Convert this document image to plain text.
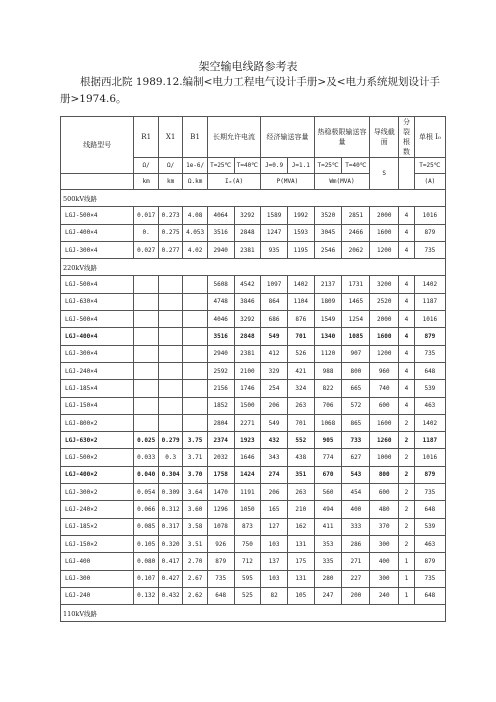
架空输电线路参考表
根据西北院 1989.12.编制<电力工程电气设计手册>及<电力系统规划设计手册>1974.6。
线路型号	R1	X1	B1	长期允许电流		经济输送容量		热稳极限输送容量		导线截面	分裂根数	单根 I₀
	Ω/	Ω/	1e-6/	T=25℃	T=40℃	J=0.9	J=1.1	T=25℃	T=40℃	S		T=25℃
	km	km	Ω.km	Iₑ(A)		P(MVA)		Wm(MVA)				(A)
500kV线路												
LGJ-500×4	0.017	0.273	4.08	4064	3292	1589	1992	3520	2851	2000	4	1016
LGJ-400×4	0.	0.275	4.053	3516	2848	1247	1593	3045	2466	1600	4	879
LGJ-300×4	0.027	0.277	4.02	2940	2381	935	1195	2546	2062	1200	4	735
220kV线路												
LGJ-500×4				5608	4542	1097	1402	2137	1731	3200	4	1402
LGJ-630×4				4748	3846	864	1104	1809	1465	2520	4	1187
LGJ-500×4				4046	3292	686	876	1549	1254	2000	4	1016
LGJ-400×4				3516	2848	549	701	1340	1085	1600	4	879
LGJ-300×4				2940	2381	412	526	1120	907	1200	4	735
LGJ-240×4				2592	2100	329	421	988	800	960	4	648
LGJ-185×4				2156	1746	254	324	822	665	740	4	539
LGJ-150×4				1852	1500	206	263	706	572	600	4	463
LGJ-800×2				2804	2271	549	701	1068	865	1600	2	1402
LGJ-630×2	0.025	0.279	3.75	2374	1923	432	552	905	733	1260	2	1187
LGJ-500×2	0.033	0.3	3.71	2032	1646	343	438	774	627	1000	2	1016
LGJ-400×2	0.040	0.304	3.70	1758	1424	274	351	670	543	800	2	879
LGJ-300×2	0.054	0.309	3.64	1470	1191	206	263	560	454	600	2	735
LGJ-240×2	0.066	0.312	3.60	1296	1050	165	210	494	400	480	2	648
LGJ-185×2	0.085	0.317	3.58	1078	873	127	162	411	333	370	2	539
LGJ-150×2	0.105	0.320	3.51	926	750	103	131	353	286	300	2	463
LGJ-400	0.080	0.417	2.70	879	712	137	175	335	271	400	1	879
LGJ-300	0.107	0.427	2.67	735	595	103	131	280	227	300	1	735
LGJ-240	0.132	0.432	2.62	648	525	82	105	247	200	240	1	648
110kV线路												
